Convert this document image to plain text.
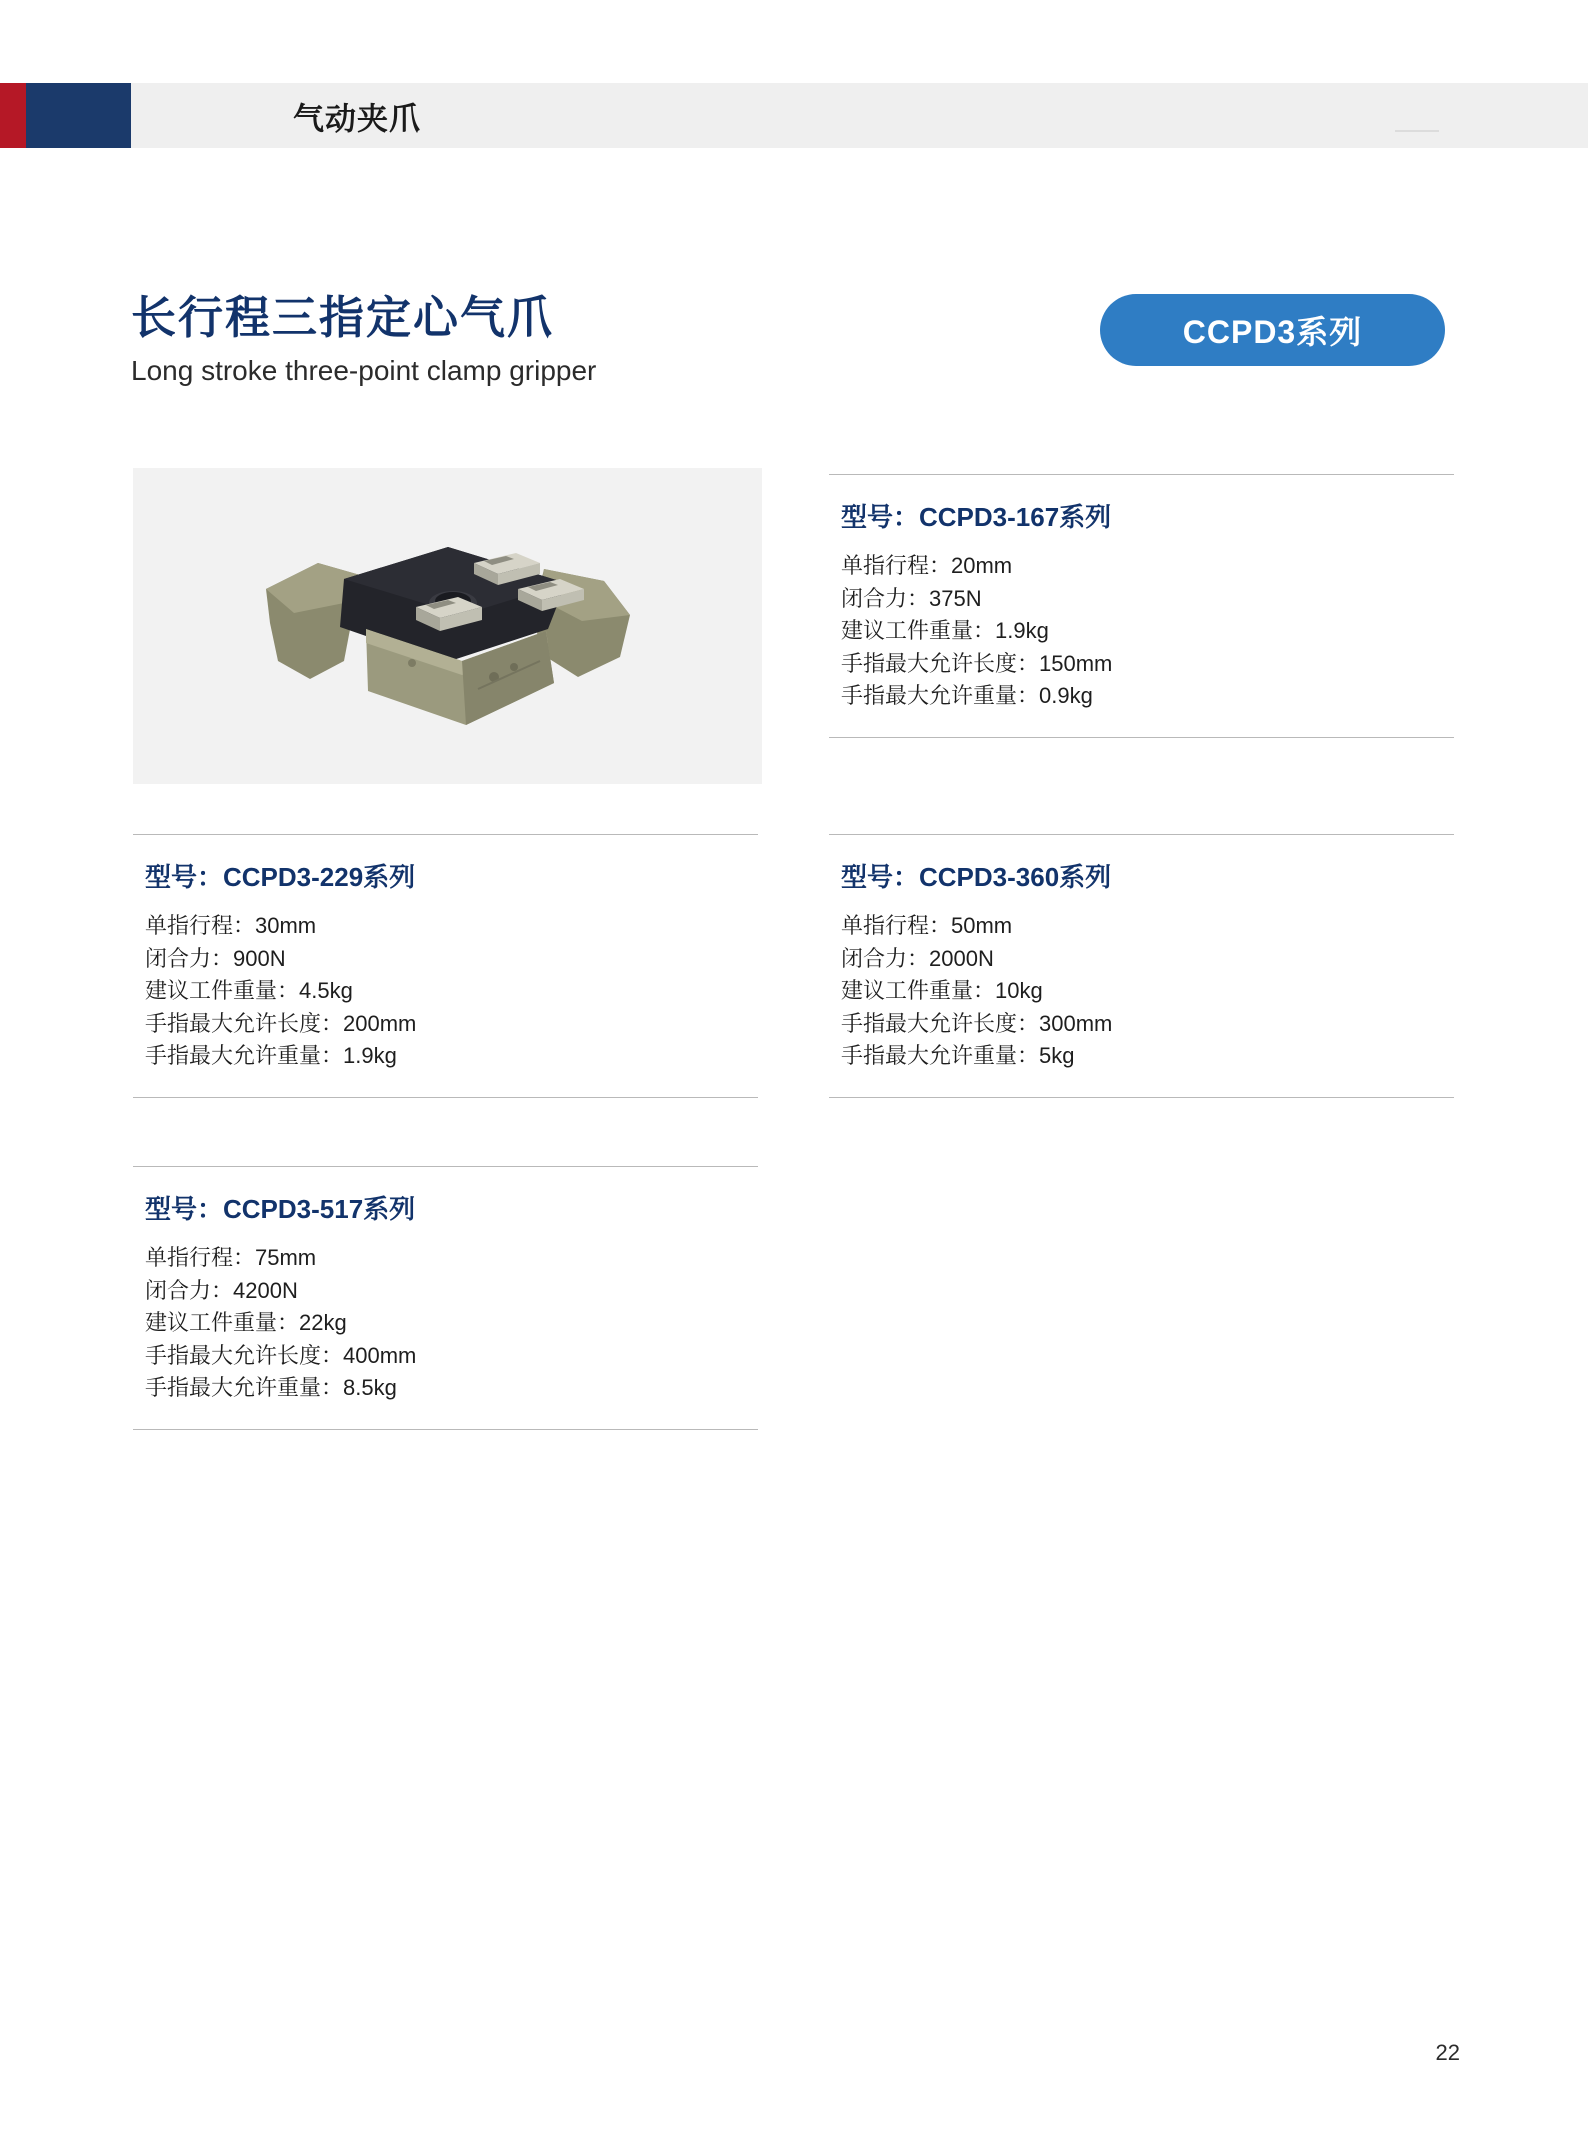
气动夹爪
长行程三指定心气爪
Long stroke three-point clamp gripper
CCPD3系列
型号：CCPD3-167系列
单指行程：20mm
闭合力：375N
建议工件重量：1.9kg
手指最大允许长度：150mm
手指最大允许重量：0.9kg
型号：CCPD3-229系列
单指行程：30mm
闭合力：900N
建议工件重量：4.5kg
手指最大允许长度：200mm
手指最大允许重量：1.9kg
型号：CCPD3-360系列
单指行程：50mm
闭合力：2000N
建议工件重量：10kg
手指最大允许长度：300mm
手指最大允许重量：5kg
型号：CCPD3-517系列
单指行程：75mm
闭合力：4200N
建议工件重量：22kg
手指最大允许长度：400mm
手指最大允许重量：8.5kg
22
